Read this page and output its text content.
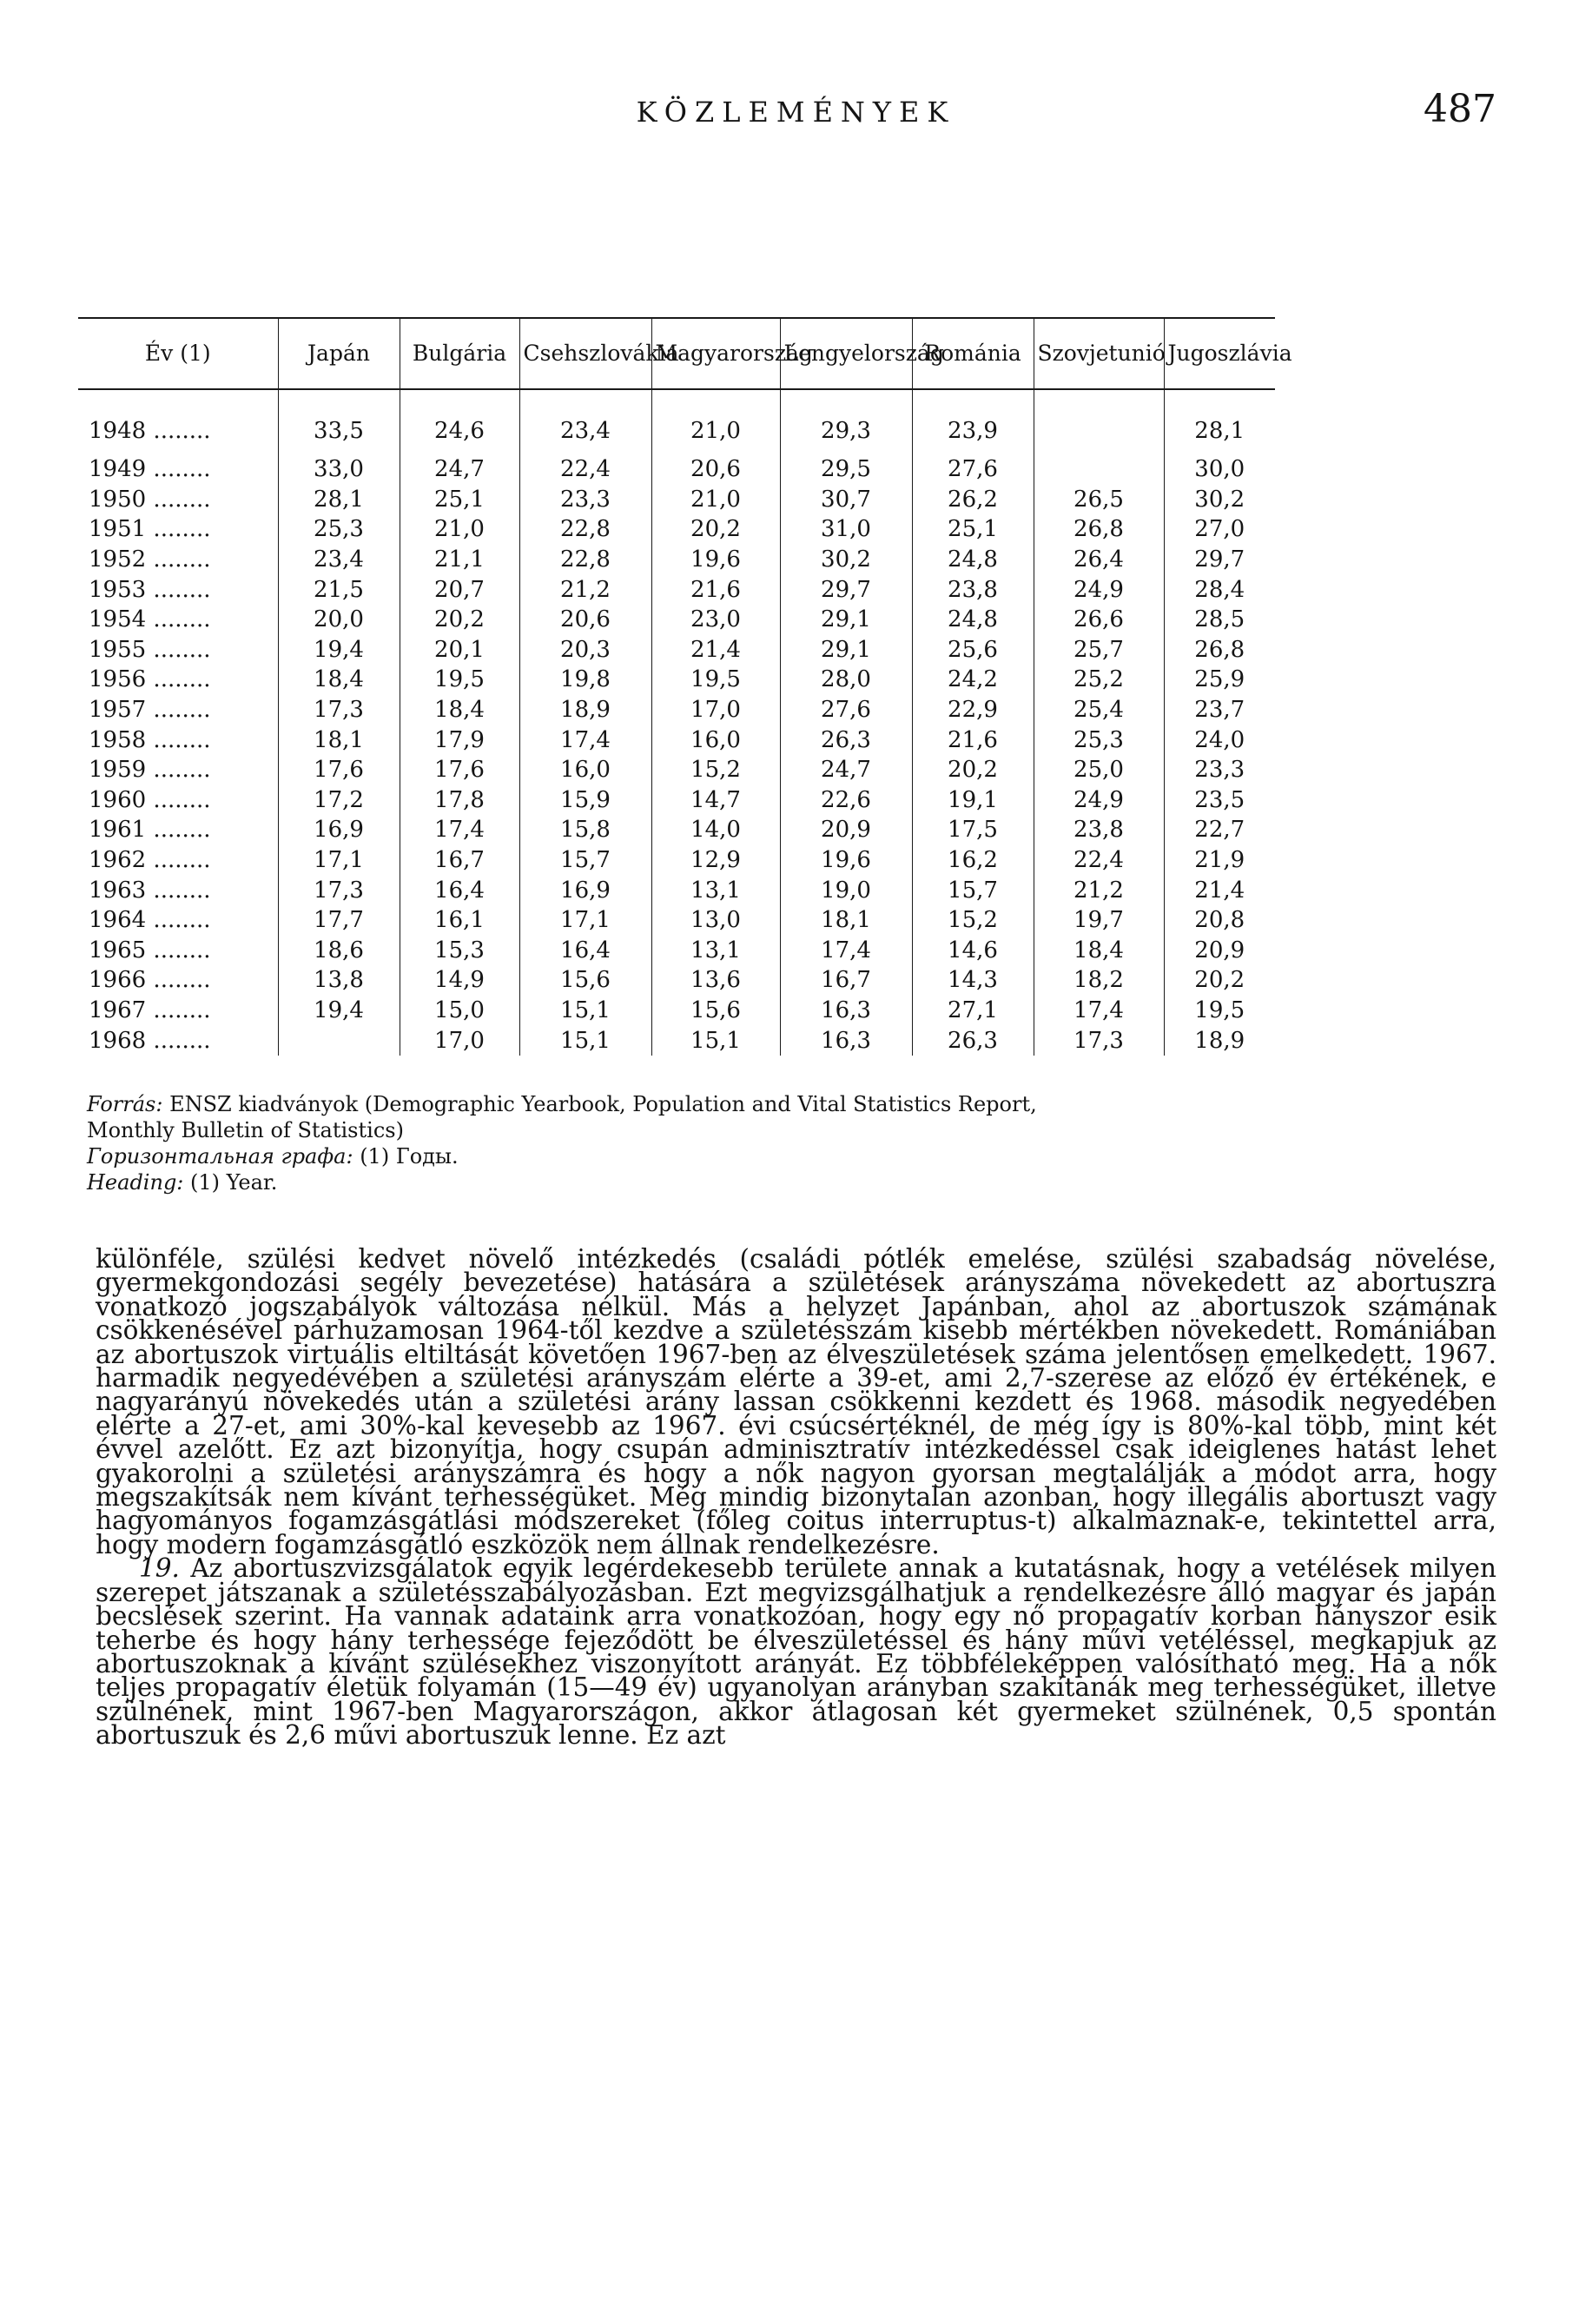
KÖZLEMÉNYEK	487
Év (1)	Japán	Bulgária	Csehszlovákia	Magyarország	Lengyelország	Románia	Szovjetunió	Jugoszlávia
1948 ........	33,5	24,6	23,4	21,0	29,3	23,9		28,1
1949 ........	33,0	24,7	22,4	20,6	29,5	27,6		30,0
1950 ........	28,1	25,1	23,3	21,0	30,7	26,2	26,5	30,2
1951 ........	25,3	21,0	22,8	20,2	31,0	25,1	26,8	27,0
1952 ........	23,4	21,1	22,8	19,6	30,2	24,8	26,4	29,7
1953 ........	21,5	20,7	21,2	21,6	29,7	23,8	24,9	28,4
1954 ........	20,0	20,2	20,6	23,0	29,1	24,8	26,6	28,5
1955 ........	19,4	20,1	20,3	21,4	29,1	25,6	25,7	26,8
1956 ........	18,4	19,5	19,8	19,5	28,0	24,2	25,2	25,9
1957 ........	17,3	18,4	18,9	17,0	27,6	22,9	25,4	23,7
1958 ........	18,1	17,9	17,4	16,0	26,3	21,6	25,3	24,0
1959 ........	17,6	17,6	16,0	15,2	24,7	20,2	25,0	23,3
1960 ........	17,2	17,8	15,9	14,7	22,6	19,1	24,9	23,5
1961 ........	16,9	17,4	15,8	14,0	20,9	17,5	23,8	22,7
1962 ........	17,1	16,7	15,7	12,9	19,6	16,2	22,4	21,9
1963 ........	17,3	16,4	16,9	13,1	19,0	15,7	21,2	21,4
1964 ........	17,7	16,1	17,1	13,0	18,1	15,2	19,7	20,8
1965 ........	18,6	15,3	16,4	13,1	17,4	14,6	18,4	20,9
1966 ........	13,8	14,9	15,6	13,6	16,7	14,3	18,2	20,2
1967 ........	19,4	15,0	15,1	15,6	16,3	27,1	17,4	19,5
1968 ........		17,0	15,1	15,1	16,3	26,3	17,3	18,9
Forrás: ENSZ kiadványok (Demographic Yearbook, Population and Vital Statistics Report,
Monthly Bulletin of Statistics)
Горизонтальная графа: (1) Годы.
Heading: (1) Year.

különféle, szülési kedvet növelő intézkedés (családi pótlék emelése, szülési szabadság növelése, gyermekgondozási segély bevezetése) hatására a születések arányszáma növekedett az abortuszra vonatkozó jogszabályok változása nélkül. Más a helyzet Japánban, ahol az abortuszok számának csökkenésével párhuzamosan 1964-től kezdve a születésszám kisebb mértékben növekedett. Romániában az abortuszok virtuális eltiltását követően 1967-ben az élveszületések száma jelentősen emelkedett. 1967. harmadik negyedévében a születési arányszám elérte a 39-et, ami 2,7-szerese az előző év értékének, e nagyarányú növekedés után a születési arány lassan csökkenni kezdett és 1968. második negyedében elérte a 27-et, ami 30%-kal kevesebb az 1967. évi csúcsértéknél, de még így is 80%-kal több, mint két évvel azelőtt. Ez azt bizonyítja, hogy csupán adminisztratív intézkedéssel csak ideiglenes hatást lehet gyakorolni a születési arányszámra és hogy a nők nagyon gyorsan megtalálják a módot arra, hogy megszakítsák nem kívánt terhességüket. Még mindig bizonytalan azonban, hogy illegális abortuszt vagy hagyományos fogamzásgátlási módszereket (főleg coitus interruptus-t) alkalmaznak-e, tekintettel arra, hogy modern fogamzásgátló eszközök nem állnak rendelkezésre.

19. Az abortuszvizsgálatok egyik legérdekesebb területe annak a kutatásnak, hogy a vetélések milyen szerepet játszanak a születésszabályozásban. Ezt megvizsgálhatjuk a rendelkezésre álló magyar és japán becslések szerint. Ha vannak adataink arra vonatkozóan, hogy egy nő propagatív korban hányszor esik teherbe és hogy hány terhessége fejeződött be élveszületéssel és hány művi vetéléssel, megkapjuk az abortuszoknak a kívánt szülésekhez viszonyított arányát. Ez többféleképpen valósítható meg. Ha a nők teljes propagatív életük folyamán (15—49 év) ugyanolyan arányban szakítanák meg terhességüket, illetve szülnének, mint 1967-ben Magyarországon, akkor átlagosan két gyermeket szülnének, 0,5 spontán abortuszuk és 2,6 művi abortuszuk lenne. Ez azt
